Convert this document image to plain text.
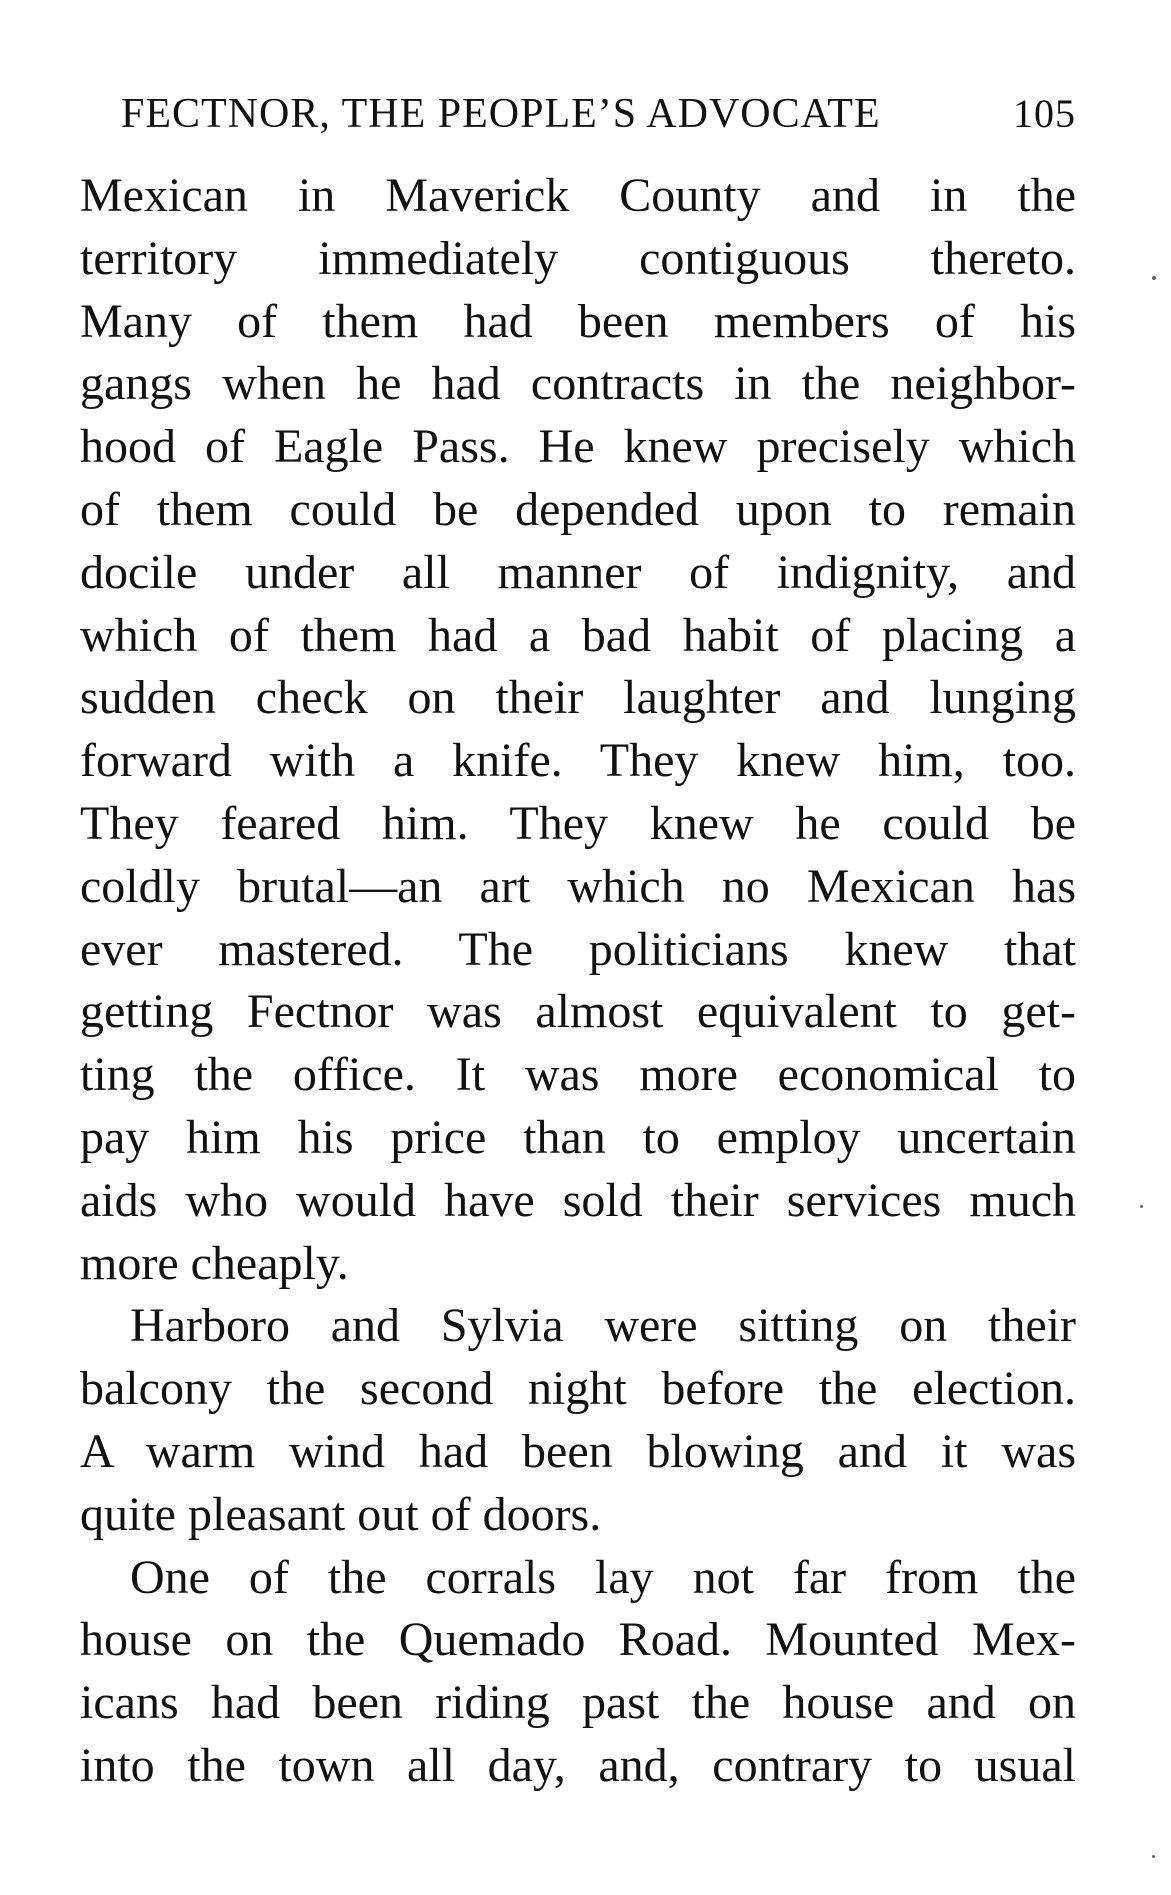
FECTNOR, THE PEOPLE’S ADVOCATE	105
Mexican in Maverick County and in the
territory immediately contiguous thereto.
Many of them had been members of his
gangs when he had contracts in the neighbor-
hood of Eagle Pass. He knew precisely which
of them could be depended upon to remain
docile under all manner of indignity, and
which of them had a bad habit of placing a
sudden check on their laughter and lunging
forward with a knife. They knew him, too.
They feared him. They knew he could be
coldly brutal—an art which no Mexican has
ever mastered. The politicians knew that
getting Fectnor was almost equivalent to get-
ting the office. It was more economical to
pay him his price than to employ uncertain
aids who would have sold their services much
more cheaply.
Harboro and Sylvia were sitting on their
balcony the second night before the election.
A warm wind had been blowing and it was
quite pleasant out of doors.
One of the corrals lay not far from the
house on the Quemado Road. Mounted Mex-
icans had been riding past the house and on
into the town all day, and, contrary to usual
